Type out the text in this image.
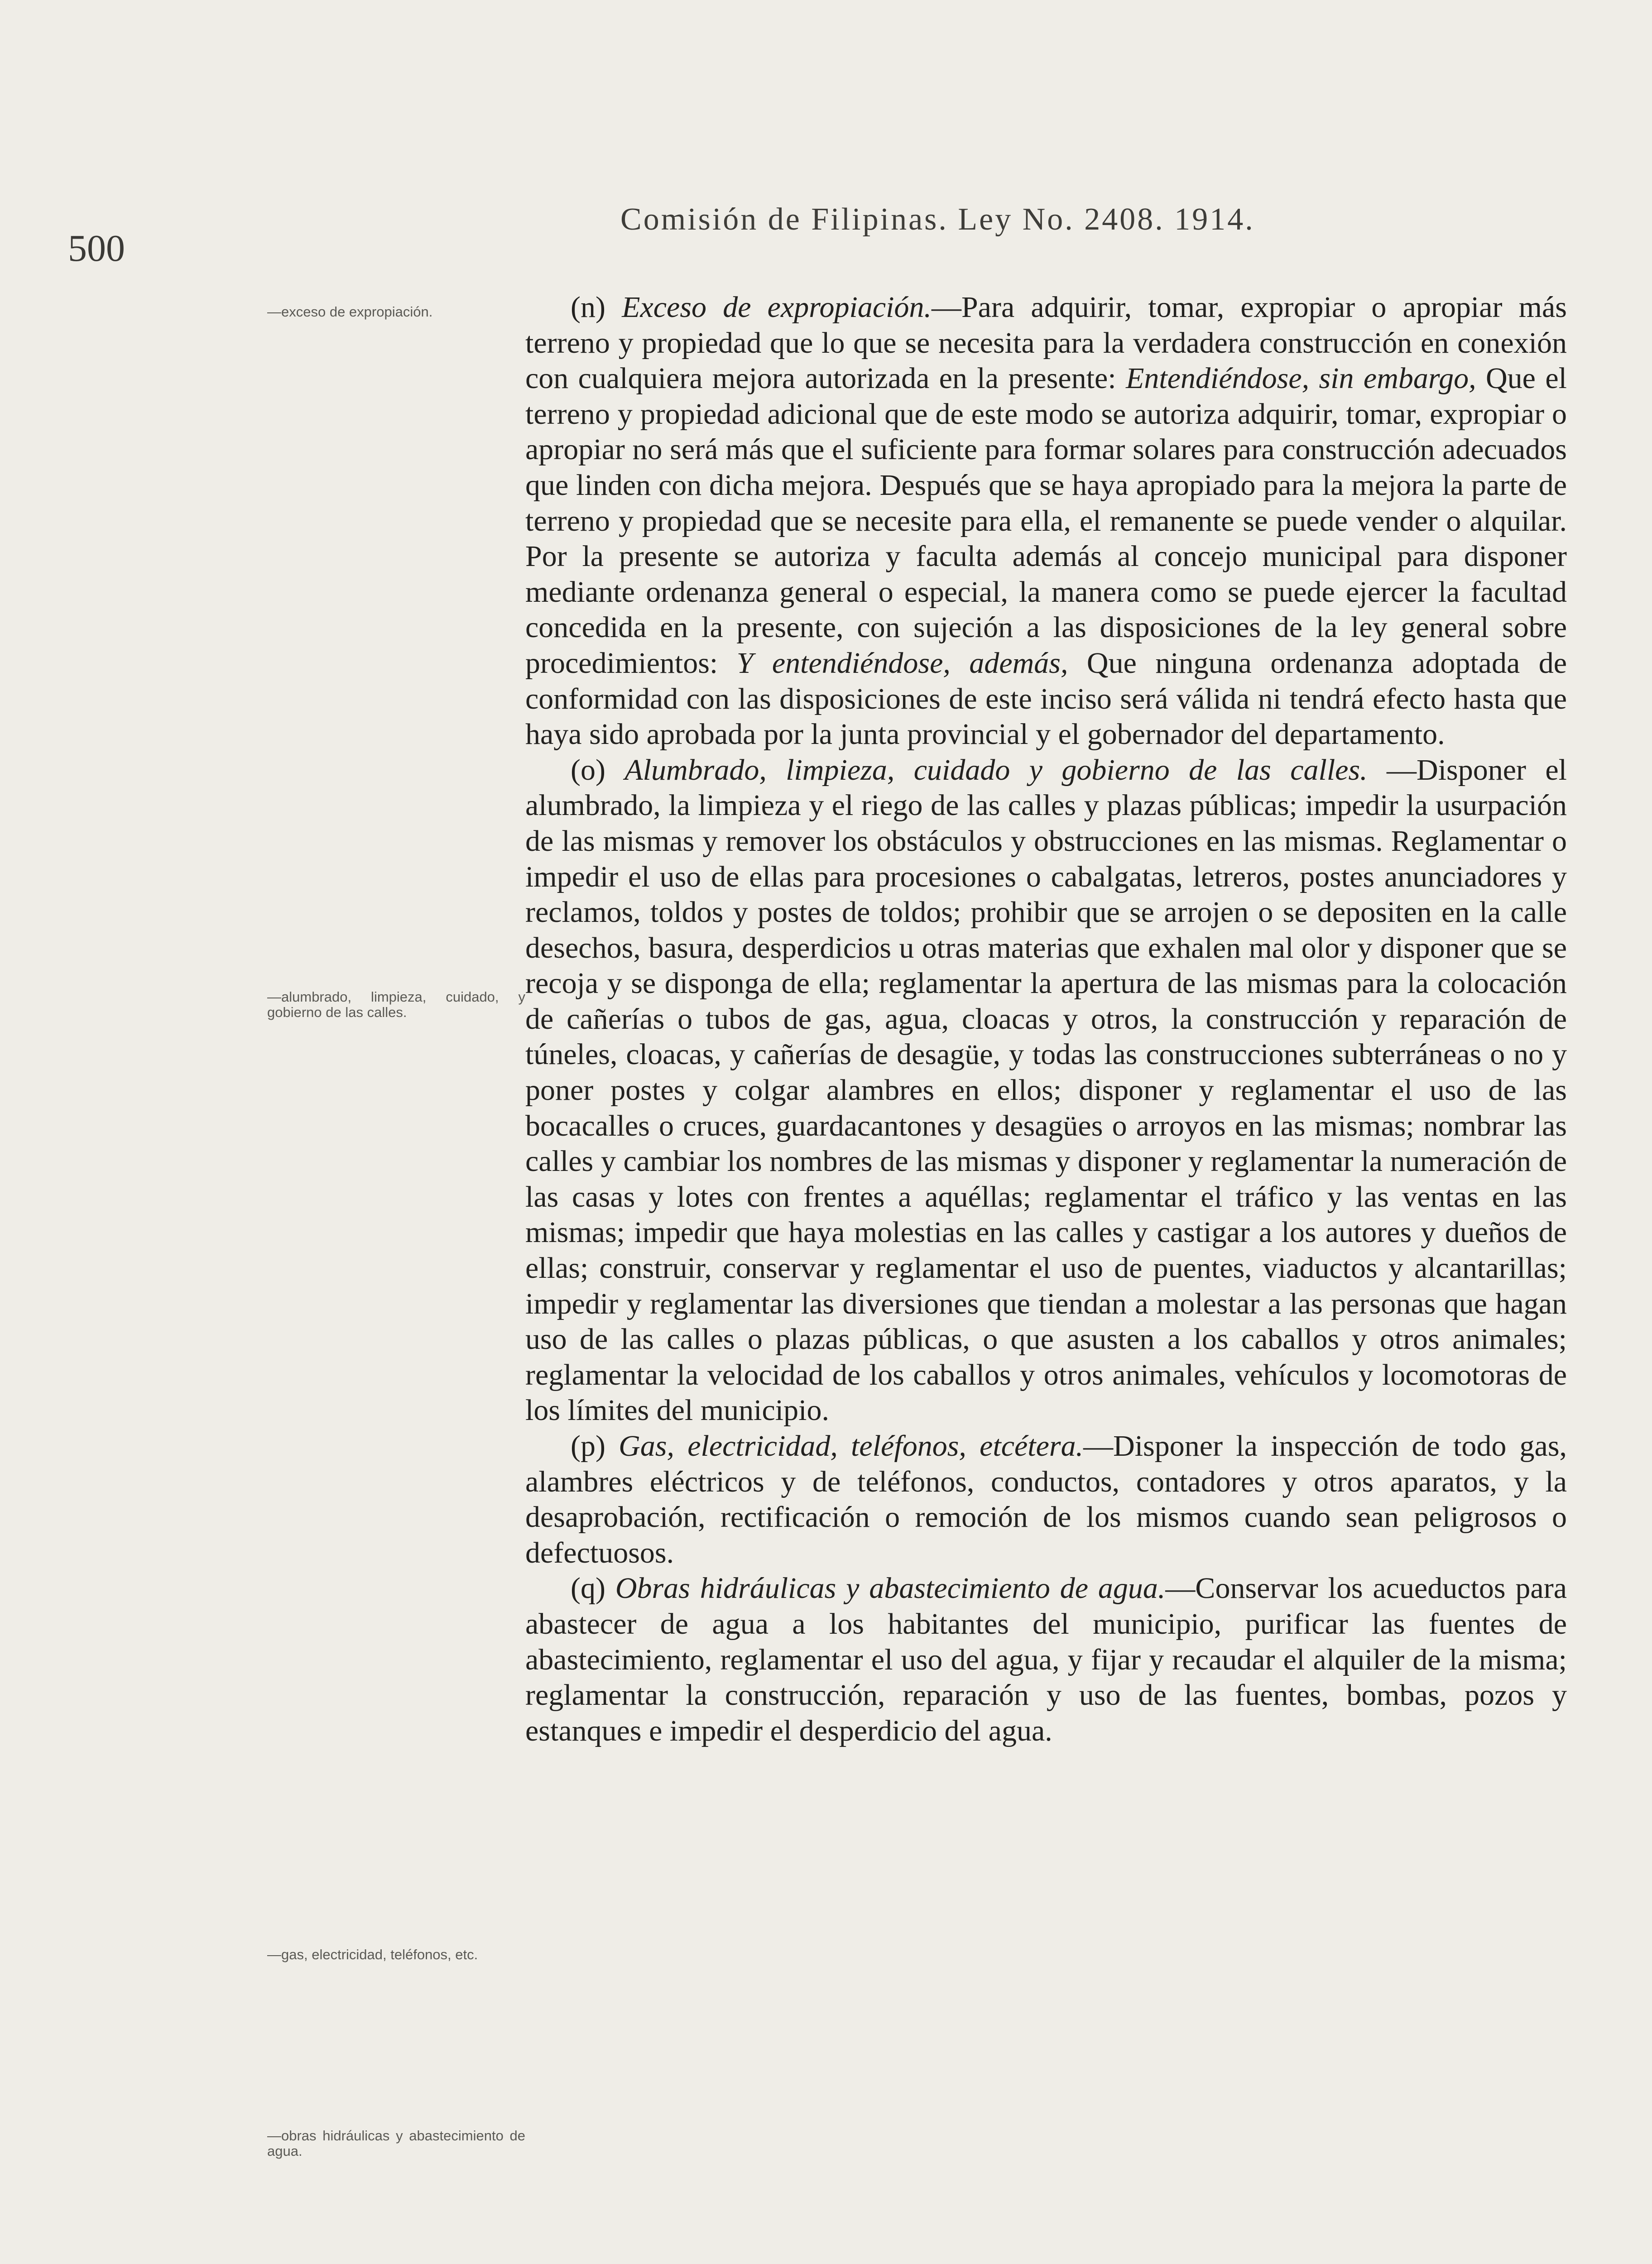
500
Comisión de Filipinas. Ley No. 2408. 1914.
—exceso de expropiación.
—alumbrado, limpieza, cuidado, y gobierno de las calles.
—gas, electricidad, teléfonos, etc.
—obras hidráulicas y abastecimiento de agua.

(n) Exceso de expropiación.—Para adquirir, tomar, expropiar o apropiar más terreno y propiedad que lo que se necesita para la verdadera construcción en conexión con cualquiera mejora autorizada en la presente: Entendiéndose, sin embargo, Que el terreno y propiedad adicional que de este modo se autoriza adquirir, tomar, expropiar o apropiar no será más que el suficiente para formar solares para construcción adecuados que linden con dicha mejora. Después que se haya apropiado para la mejora la parte de terreno y propiedad que se necesite para ella, el remanente se puede vender o alquilar. Por la presente se autoriza y faculta además al concejo municipal para disponer mediante ordenanza general o especial, la manera como se puede ejercer la facultad concedida en la presente, con sujeción a las disposiciones de la ley general sobre procedimientos: Y entendiéndose, además, Que ninguna ordenanza adoptada de conformidad con las disposiciones de este inciso será válida ni tendrá efecto hasta que haya sido aprobada por la junta provincial y el gobernador del departamento.

(o) Alumbrado, limpieza, cuidado y gobierno de las calles. —Disponer el alumbrado, la limpieza y el riego de las calles y plazas públicas; impedir la usurpación de las mismas y remover los obstáculos y obstrucciones en las mismas. Reglamentar o impedir el uso de ellas para procesiones o cabalgatas, letreros, postes anunciadores y reclamos, toldos y postes de toldos; prohibir que se arrojen o se depositen en la calle desechos, basura, desperdicios u otras materias que exhalen mal olor y disponer que se recoja y se disponga de ella; reglamentar la apertura de las mismas para la colocación de cañerías o tubos de gas, agua, cloacas y otros, la construcción y reparación de túneles, cloacas, y cañerías de desagüe, y todas las construcciones subterráneas o no y poner postes y colgar alambres en ellos; disponer y reglamentar el uso de las bocacalles o cruces, guardacantones y desagües o arroyos en las mismas; nombrar las calles y cambiar los nombres de las mismas y disponer y reglamentar la numeración de las casas y lotes con frentes a aquéllas; reglamentar el tráfico y las ventas en las mismas; impedir que haya molestias en las calles y castigar a los autores y dueños de ellas; construir, conservar y reglamentar el uso de puentes, viaductos y alcantarillas; impedir y reglamentar las diversiones que tiendan a molestar a las personas que hagan uso de las calles o plazas públicas, o que asusten a los caballos y otros animales; reglamentar la velocidad de los caballos y otros animales, vehículos y locomotoras de los límites del municipio.

(p) Gas, electricidad, teléfonos, etcétera.—Disponer la inspección de todo gas, alambres eléctricos y de teléfonos, conductos, contadores y otros aparatos, y la desaprobación, rectificación o remoción de los mismos cuando sean peligrosos o defectuosos.

(q) Obras hidráulicas y abastecimiento de agua.—Conservar los acueductos para abastecer de agua a los habitantes del municipio, purificar las fuentes de abastecimiento, reglamentar el uso del agua, y fijar y recaudar el alquiler de la misma; reglamentar la construcción, reparación y uso de las fuentes, bombas, pozos y estanques e impedir el desperdicio del agua.
